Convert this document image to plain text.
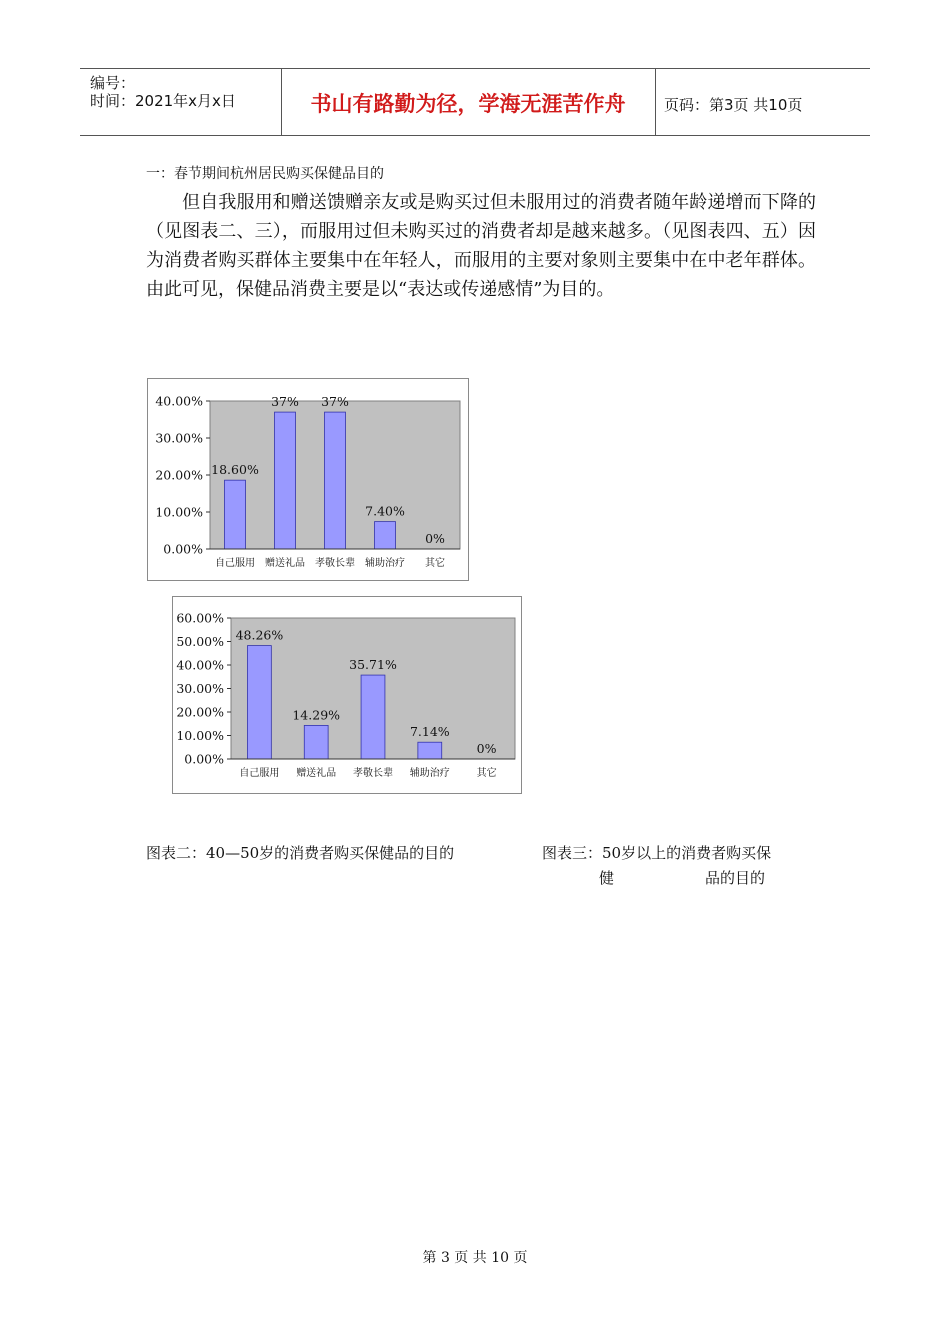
编号：
时间：2021年x月x日	书山有路勤为径，学海无涯苦作舟	页码：第3页 共10页
一：春节期间杭州居民购买保健品目的
但自我服用和赠送馈赠亲友或是购买过但未服用过的消费者随年龄递增而下降的（见图表二、三），而服用过但未购买过的消费者却是越来越多。（见图表四、五）因为消费者购买群体主要集中在年轻人，而服用的主要对象则主要集中在中老年群体。由此可见，保健品消费主要是以“表达或传递感情”为目的。
0.00%
10.00%
20.00%
30.00%
40.00%
18.60%
自己服用
37%
赠送礼品
37%
孝敬长辈
7.40%
辅助治疗
0%
其它
0.00%
10.00%
20.00%
30.00%
40.00%
50.00%
60.00%
48.26%
自己服用
14.29%
赠送礼品
35.71%
孝敬长辈
7.14%
辅助治疗
0%
其它
图表二：40—50岁的消费者购买保健品的目的	图表三：50岁以上的消费者购买保
健	品的目的
第 3 页 共 10 页
